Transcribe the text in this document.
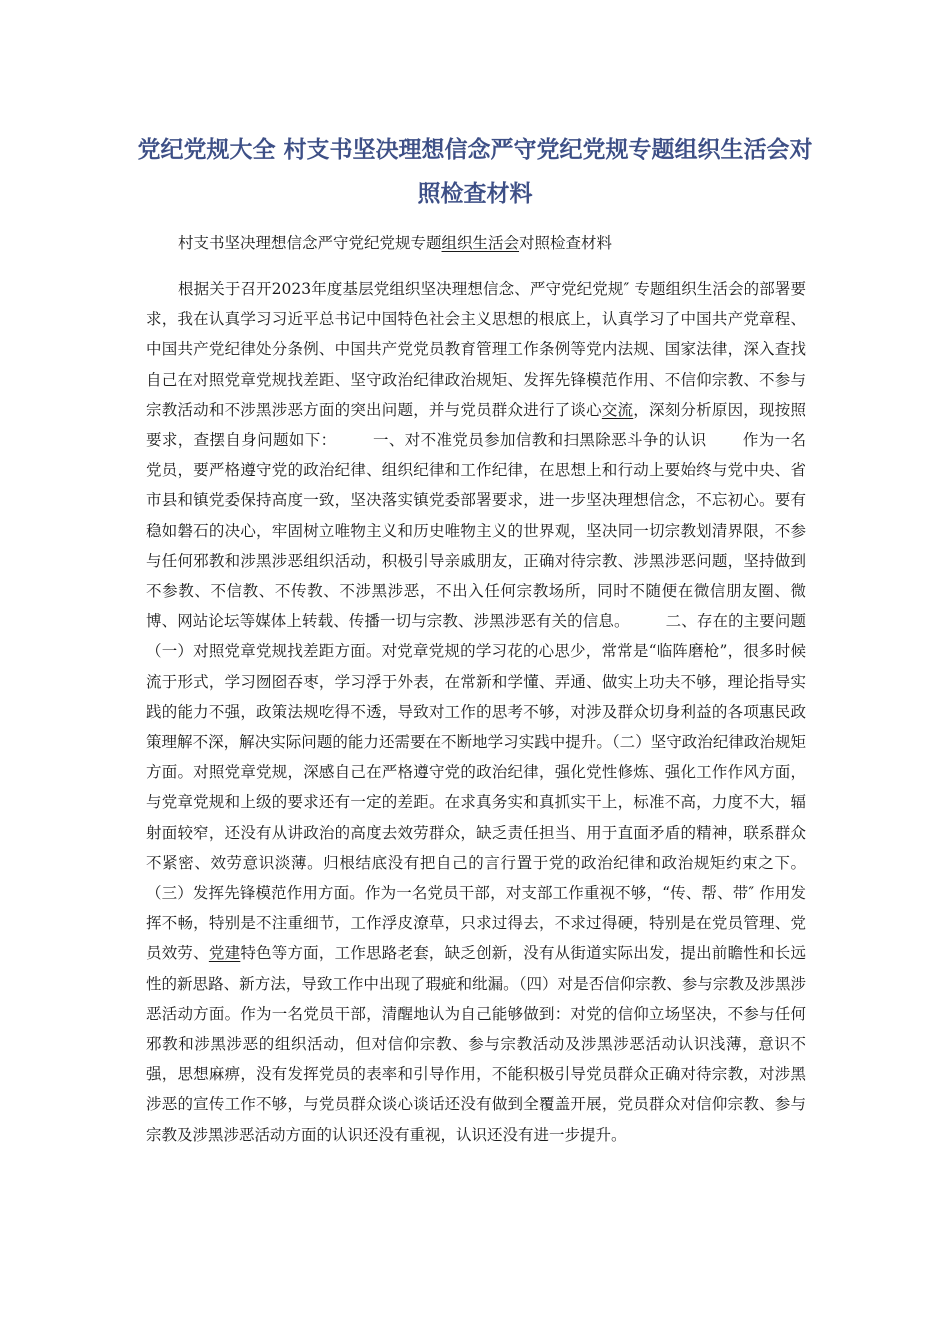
党纪党规大全 村支书坚决理想信念严守党纪党规专题组织生活会对照检查材料

村支书坚决理想信念严守党纪党规专题组织生活会对照检查材料

根据关于召开2023年度基层党组织坚决理想信念、严守党纪党规″ 专题组织生活会的部署要求，我在认真学习习近平总书记中国特色社会主义思想的根底上，认真学习了中国共产党章程、中国共产党纪律处分条例、中国共产党党员教育管理工作条例等党内法规、国家法律，深入查找自己在对照党章党规找差距、坚守政治纪律政治规矩、发挥先锋模范作用、不信仰宗教、不参与宗教活动和不涉黑涉恶方面的突出问题，并与党员群众进行了谈心交流，深刻分析原因，现按照要求，查摆自身问题如下： 一、对不准党员参加信教和扫黑除恶斗争的认识 作为一名党员，要严格遵守党的政治纪律、组织纪律和工作纪律，在思想上和行动上要始终与党中央、省市县和镇党委保持高度一致，坚决落实镇党委部署要求，进一步坚决理想信念，不忘初心。要有稳如磐石的决心，牢固树立唯物主义和历史唯物主义的世界观，坚决同一切宗教划清界限，不参与任何邪教和涉黑涉恶组织活动，积极引导亲戚朋友，正确对待宗教、涉黑涉恶问题，坚持做到不参教、不信教、不传教、不涉黑涉恶，不出入任何宗教场所，同时不随便在微信朋友圈、微博、网站论坛等媒体上转载、传播一切与宗教、涉黑涉恶有关的信息。 二、存在的主要问题（一）对照党章党规找差距方面。对党章党规的学习花的心思少，常常是“临阵磨枪”，很多时候流于形式，学习囫囵吞枣，学习浮于外表，在常新和学懂、弄通、做实上功夫不够，理论指导实践的能力不强，政策法规吃得不透，导致对工作的思考不够，对涉及群众切身利益的各项惠民政策理解不深，解决实际问题的能力还需要在不断地学习实践中提升。（二）坚守政治纪律政治规矩方面。对照党章党规，深感自己在严格遵守党的政治纪律，强化党性修炼、强化工作作风方面，与党章党规和上级的要求还有一定的差距。在求真务实和真抓实干上，标准不高，力度不大，辐射面较窄，还没有从讲政治的高度去效劳群众，缺乏责任担当、用于直面矛盾的精神，联系群众不紧密、效劳意识淡薄。归根结底没有把自己的言行置于党的政治纪律和政治规矩约束之下。（三）发挥先锋模范作用方面。作为一名党员干部，对支部工作重视不够，“传、帮、带″ 作用发挥不畅，特别是不注重细节，工作浮皮潦草，只求过得去，不求过得硬，特别是在党员管理、党员效劳、党建特色等方面，工作思路老套，缺乏创新，没有从街道实际出发，提出前瞻性和长远性的新思路、新方法，导致工作中出现了瑕疵和纰漏。（四）对是否信仰宗教、参与宗教及涉黑涉恶活动方面。作为一名党员干部，清醒地认为自己能够做到：对党的信仰立场坚决，不参与任何邪教和涉黑涉恶的组织活动，但对信仰宗教、参与宗教活动及涉黑涉恶活动认识浅薄，意识不强，思想麻痹，没有发挥党员的表率和引导作用，不能积极引导党员群众正确对待宗教，对涉黑涉恶的宣传工作不够，与党员群众谈心谈话还没有做到全覆盖开展，党员群众对信仰宗教、参与宗教及涉黑涉恶活动方面的认识还没有重视，认识还没有进一步提升。
